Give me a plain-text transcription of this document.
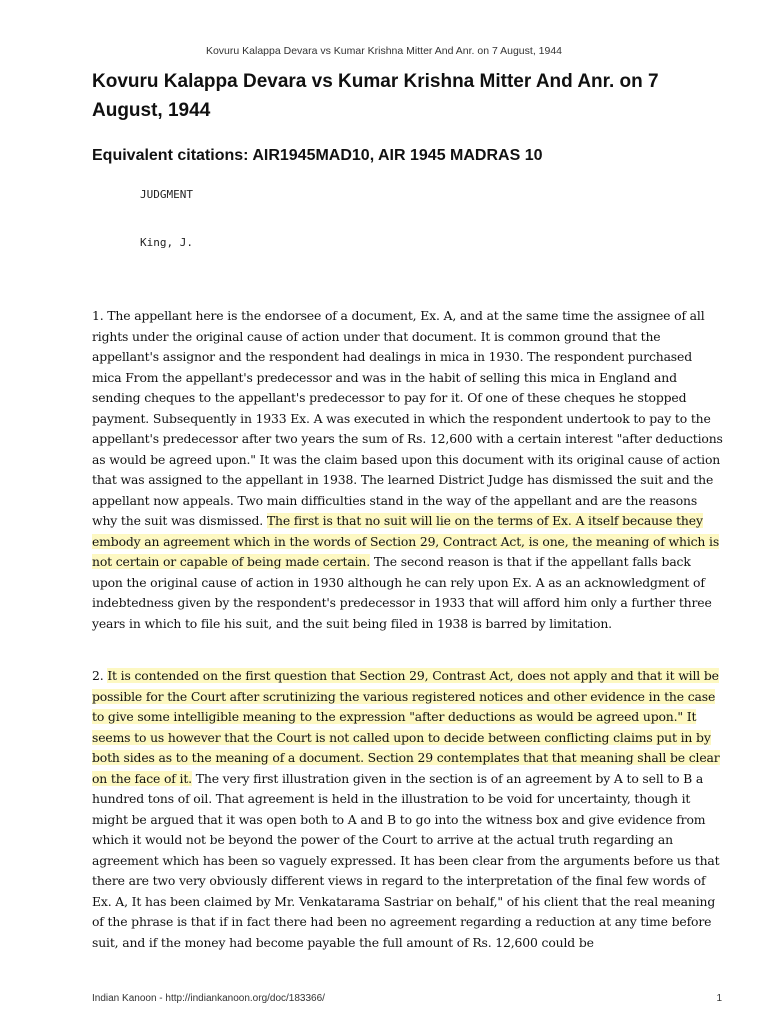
Kovuru Kalappa Devara vs Kumar Krishna Mitter And Anr. on 7 August, 1944
Kovuru Kalappa Devara vs Kumar Krishna Mitter And Anr. on 7 August, 1944
Equivalent citations: AIR1945MAD10, AIR 1945 MADRAS 10
JUDGMENT
King, J.

1. The appellant here is the endorsee of a document, Ex. A, and at the same time the assignee of all rights under the original cause of action under that document. It is common ground that the appellant's assignor and the respondent had dealings in mica in 1930. The respondent purchased mica From the appellant's predecessor and was in the habit of selling this mica in England and sending cheques to the appellant's predecessor to pay for it. Of one of these cheques he stopped payment. Subsequently in 1933 Ex. A was executed in which the respondent undertook to pay to the appellant's predecessor after two years the sum of Rs. 12,600 with a certain interest "after deductions as would be agreed upon." It was the claim based upon this document with its original cause of action that was assigned to the appellant in 1938. The learned District Judge has dismissed the suit and the appellant now appeals. Two main difficulties stand in the way of the appellant and are the reasons why the suit was dismissed. The first is that no suit will lie on the terms of Ex. A itself because they embody an agreement which in the words of Section 29, Contract Act, is one, the meaning of which is not certain or capable of being made certain. The second reason is that if the appellant falls back upon the original cause of action in 1930 although he can rely upon Ex. A as an acknowledgment of indebtedness given by the respondent's predecessor in 1933 that will afford him only a further three years in which to file his suit, and the suit being filed in 1938 is barred by limitation.

2. It is contended on the first question that Section 29, Contrast Act, does not apply and that it will be possible for the Court after scrutinizing the various registered notices and other evidence in the case to give some intelligible meaning to the expression "after deductions as would be agreed upon." It seems to us however that the Court is not called upon to decide between conflicting claims put in by both sides as to the meaning of a document. Section 29 contemplates that that meaning shall be clear on the face of it. The very first illustration given in the section is of an agreement by A to sell to B a hundred tons of oil. That agreement is held in the illustration to be void for uncertainty, though it might be argued that it was open both to A and B to go into the witness box and give evidence from which it would not be beyond the power of the Court to arrive at the actual truth regarding an agreement which has been so vaguely expressed. It has been clear from the arguments before us that there are two very obviously different views in regard to the interpretation of the final few words of Ex. A, It has been claimed by Mr. Venkatarama Sastriar on behalf," of his client that the real meaning of the phrase is that if in fact there had been no agreement regarding a reduction at any time before suit, and if the money had become payable the full amount of Rs. 12,600 could be

Indian Kanoon - http://indiankanoon.org/doc/183366/	1
